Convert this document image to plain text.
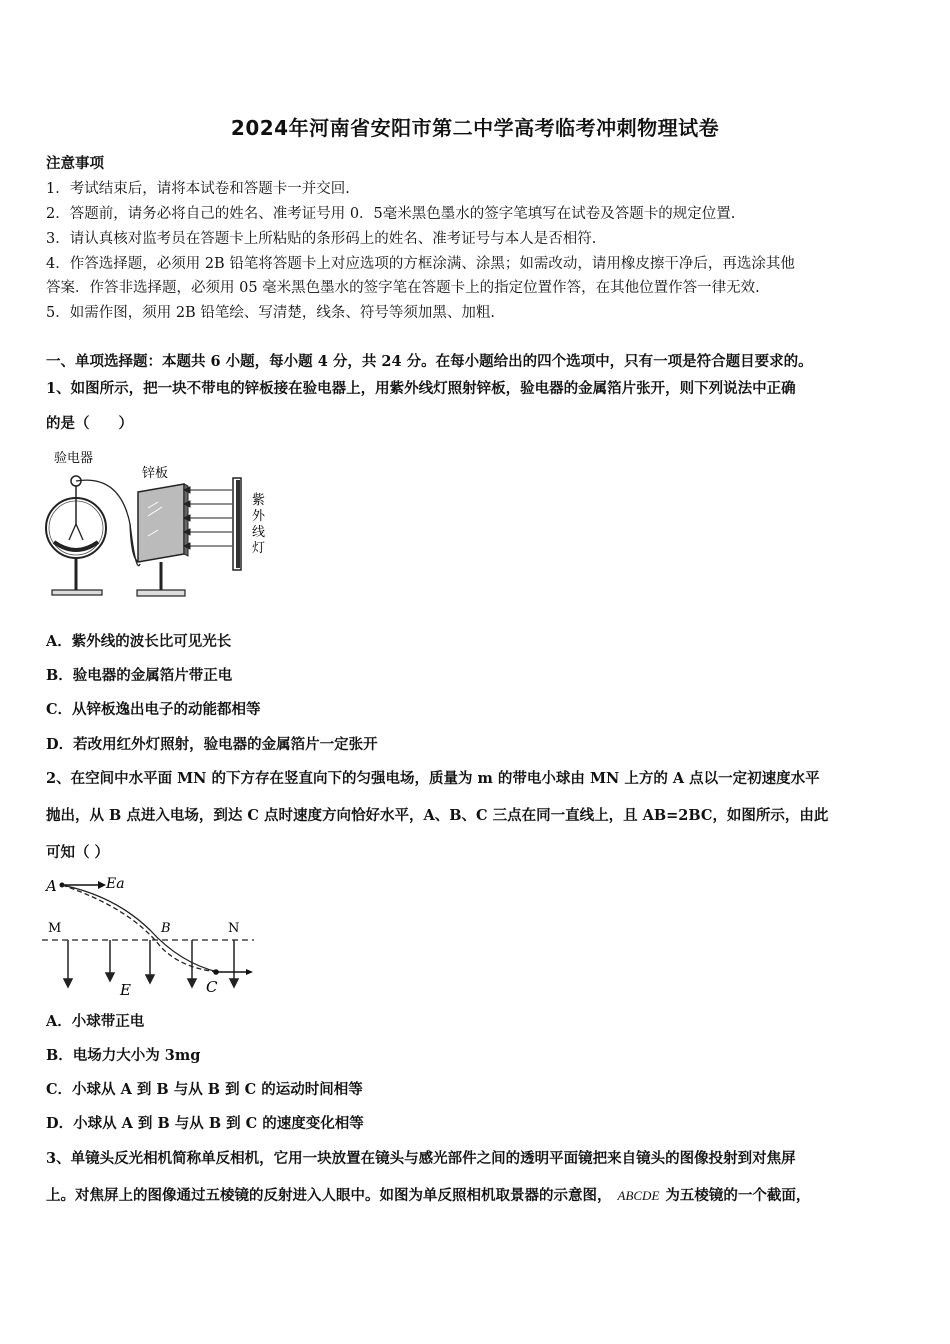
2024年河南省安阳市第二中学高考临考冲刺物理试卷
注意事项
1．考试结束后，请将本试卷和答题卡一并交回.
2．答题前，请务必将自己的姓名、准考证号用 0．5毫米黑色墨水的签字笔填写在试卷及答题卡的规定位置.
3．请认真核对监考员在答题卡上所粘贴的条形码上的姓名、准考证号与本人是否相符.
4．作答选择题，必须用 2B 铅笔将答题卡上对应选项的方框涂满、涂黑；如需改动，请用橡皮擦干净后，再选涂其他
答案．作答非选择题，必须用 05 毫米黑色墨水的签字笔在答题卡上的指定位置作答，在其他位置作答一律无效.
5．如需作图，须用 2B 铅笔绘、写清楚，线条、符号等须加黑、加粗.
一、单项选择题：本题共 6 小题，每小题 4 分，共 24 分。在每小题给出的四个选项中，只有一项是符合题目要求的。
1、如图所示，把一块不带电的锌板接在验电器上，用紫外线灯照射锌板，验电器的金属箔片张开，则下列说法中正确
的是（　　）
验电器
锌板
紫
外
线
灯
A．紫外线的波长比可见光长
B．验电器的金属箔片带正电
C．从锌板逸出电子的动能都相等
D．若改用红外灯照射，验电器的金属箔片一定张开
2、在空间中水平面 MN 的下方存在竖直向下的匀强电场，质量为 m 的带电小球由 MN 上方的 A 点以一定初速度水平
抛出，从 B 点进入电场，到达 C 点时速度方向恰好水平，A、B、C 三点在同一直线上，且 AB=2BC，如图所示，由此
可知（ ）
A	Ea
M	B	N
E	C
A．小球带正电
B．电场力大小为 3mg
C．小球从 A 到 B 与从 B 到 C 的运动时间相等
D．小球从 A 到 B 与从 B 到 C 的速度变化相等
3、单镜头反光相机简称单反相机，它用一块放置在镜头与感光部件之间的透明平面镜把来自镜头的图像投射到对焦屏
上。对焦屏上的图像通过五棱镜的反射进入人眼中。如图为单反照相机取景器的示意图， ABCDE 为五棱镜的一个截面，
